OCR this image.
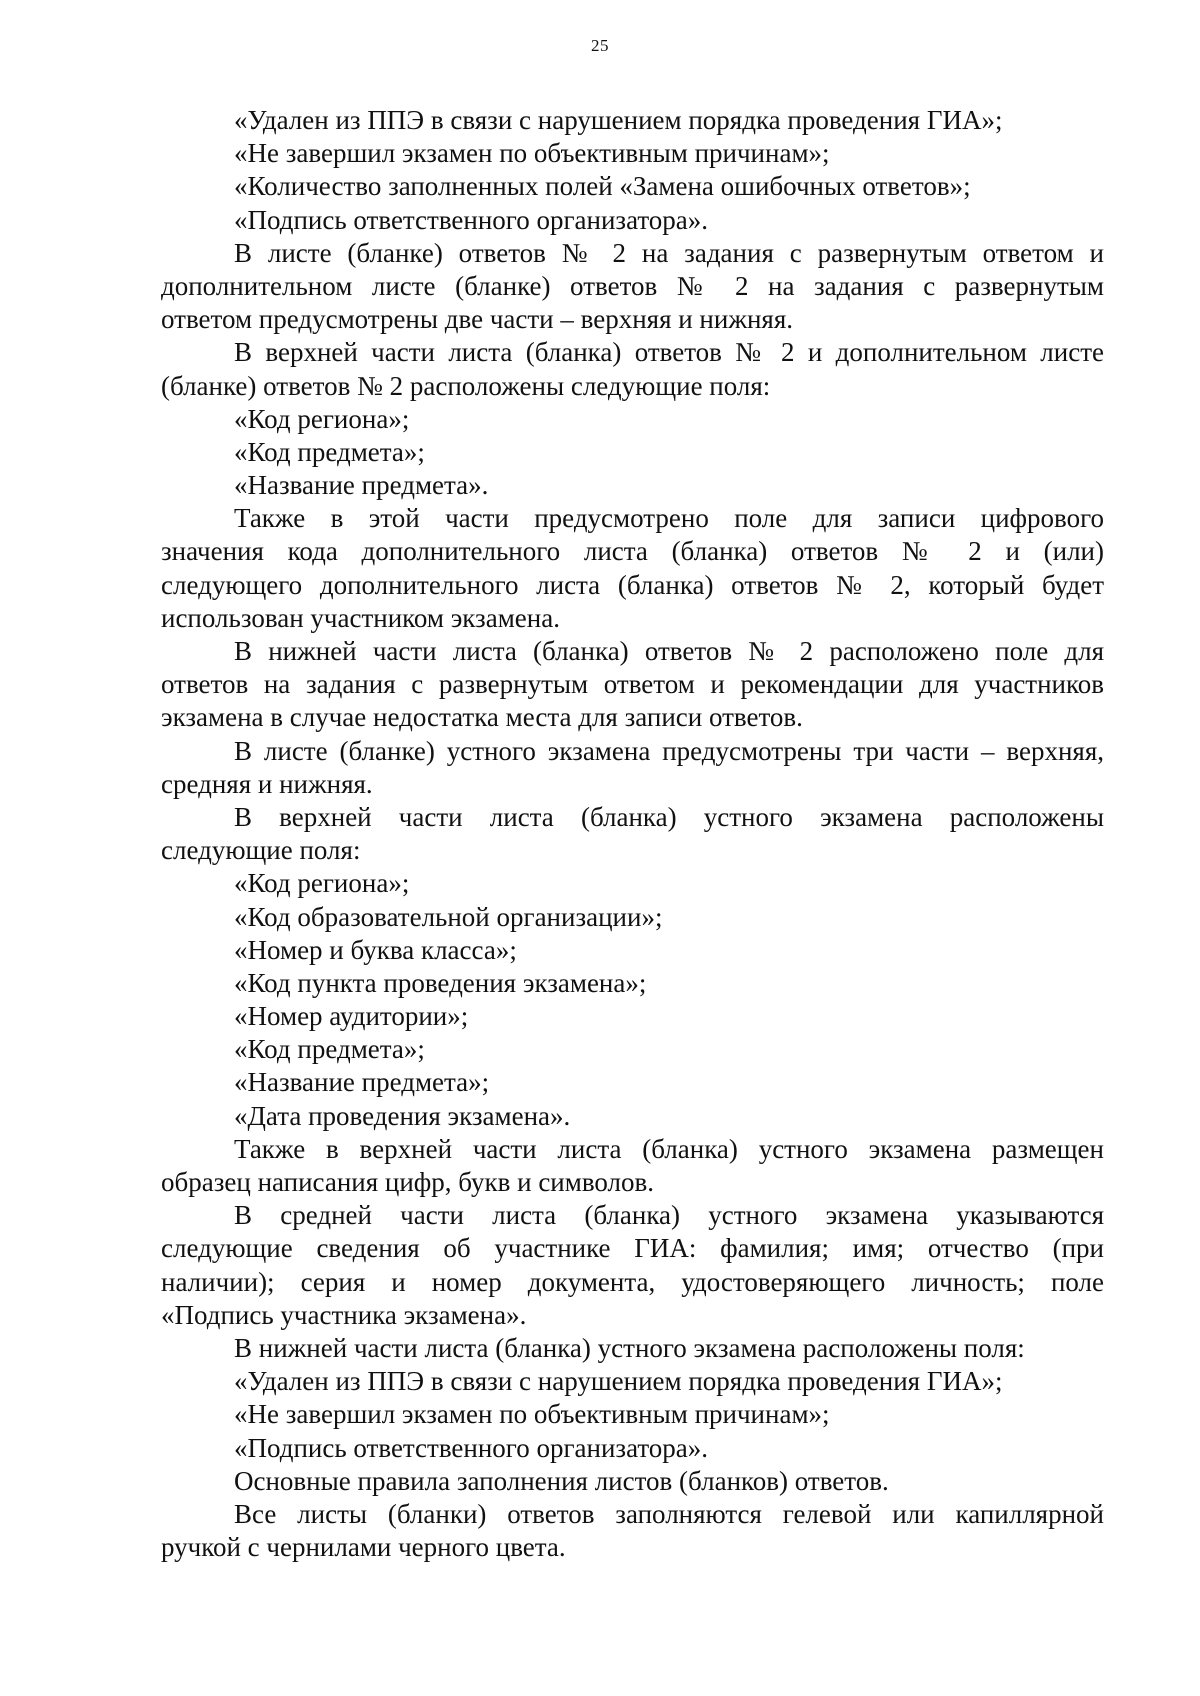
25
«Удален из ППЭ в связи с нарушением порядка проведения ГИА»;
«Не завершил экзамен по объективным причинам»;
«Количество заполненных полей «Замена ошибочных ответов»;
«Подпись ответственного организатора».
В листе (бланке) ответов № 2 на задания с развернутым ответом и
дополнительном листе (бланке) ответов № 2 на задания с развернутым
ответом предусмотрены две части – верхняя и нижняя.
В верхней части листа (бланка) ответов № 2 и дополнительном листе
(бланке) ответов № 2 расположены следующие поля:
«Код региона»;
«Код предмета»;
«Название предмета».
Также в этой части предусмотрено поле для записи цифрового
значения кода дополнительного листа (бланка) ответов № 2 и (или)
следующего дополнительного листа (бланка) ответов № 2, который будет
использован участником экзамена.
В нижней части листа (бланка) ответов № 2 расположено поле для
ответов на задания с развернутым ответом и рекомендации для участников
экзамена в случае недостатка места для записи ответов.
В листе (бланке) устного экзамена предусмотрены три части – верхняя,
средняя и нижняя.
В верхней части листа (бланка) устного экзамена расположены
следующие поля:
«Код региона»;
«Код образовательной организации»;
«Номер и буква класса»;
«Код пункта проведения экзамена»;
«Номер аудитории»;
«Код предмета»;
«Название предмета»;
«Дата проведения экзамена».
Также в верхней части листа (бланка) устного экзамена размещен
образец написания цифр, букв и символов.
В средней части листа (бланка) устного экзамена указываются
следующие сведения об участнике ГИА: фамилия; имя; отчество (при
наличии); серия и номер документа, удостоверяющего личность; поле
«Подпись участника экзамена».
В нижней части листа (бланка) устного экзамена расположены поля:
«Удален из ППЭ в связи с нарушением порядка проведения ГИА»;
«Не завершил экзамен по объективным причинам»;
«Подпись ответственного организатора».
Основные правила заполнения листов (бланков) ответов.
Все листы (бланки) ответов заполняются гелевой или капиллярной
ручкой с чернилами черного цвета.
